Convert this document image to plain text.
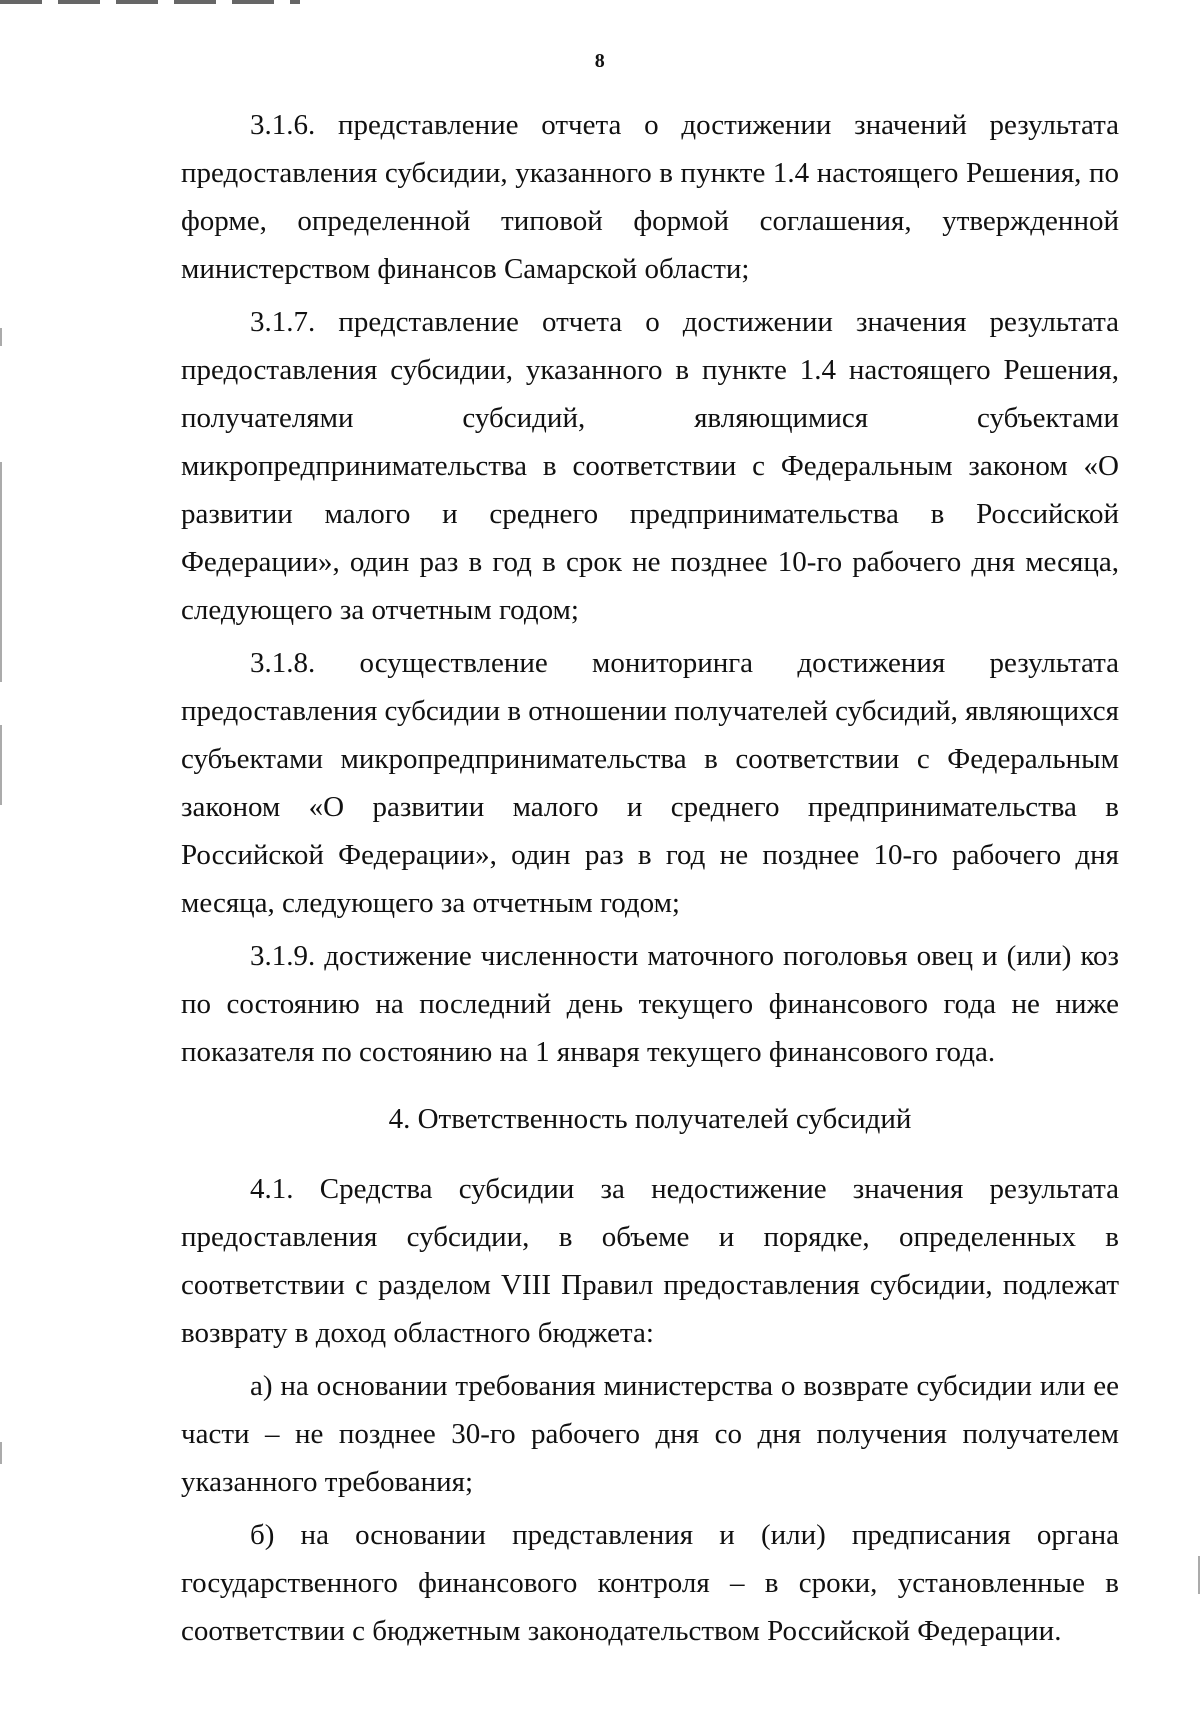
8

3.1.6. представление отчета о достижении значений результата предоставления субсидии, указанного в пункте 1.4 настоящего Решения, по форме, определенной типовой формой соглашения, утвержденной министерством финансов Самарской области;

3.1.7. представление отчета о достижении значения результата предоставления субсидии, указанного в пункте 1.4 настоящего Решения, получателями субсидий, являющимися субъектами микропредпринимательства в соответствии с Федеральным законом «О развитии малого и среднего предпринимательства в Российской Федерации», один раз в год в срок не позднее 10-го рабочего дня месяца, следующего за отчетным годом;

3.1.8. осуществление мониторинга достижения результата предоставления субсидии в отношении получателей субсидий, являющихся субъектами микропредпринимательства в соответствии с Федеральным законом «О развитии малого и среднего предпринимательства в Российской Федерации», один раз в год не позднее 10-го рабочего дня месяца, следующего за отчетным годом;

3.1.9. достижение численности маточного поголовья овец и (или) коз по состоянию на последний день текущего финансового года не ниже показателя по состоянию на 1 января текущего финансового года.

4. Ответственность получателей субсидий

4.1. Средства субсидии за недостижение значения результата предоставления субсидии, в объеме и порядке, определенных в соответствии с разделом VIII Правил предоставления субсидии, подлежат возврату в доход областного бюджета:

а) на основании требования министерства о возврате субсидии или ее части – не позднее 30-го рабочего дня со дня получения получателем указанного требования;

б) на основании представления и (или) предписания органа государственного финансового контроля – в сроки, установленные в соответствии с бюджетным законодательством Российской Федерации.
